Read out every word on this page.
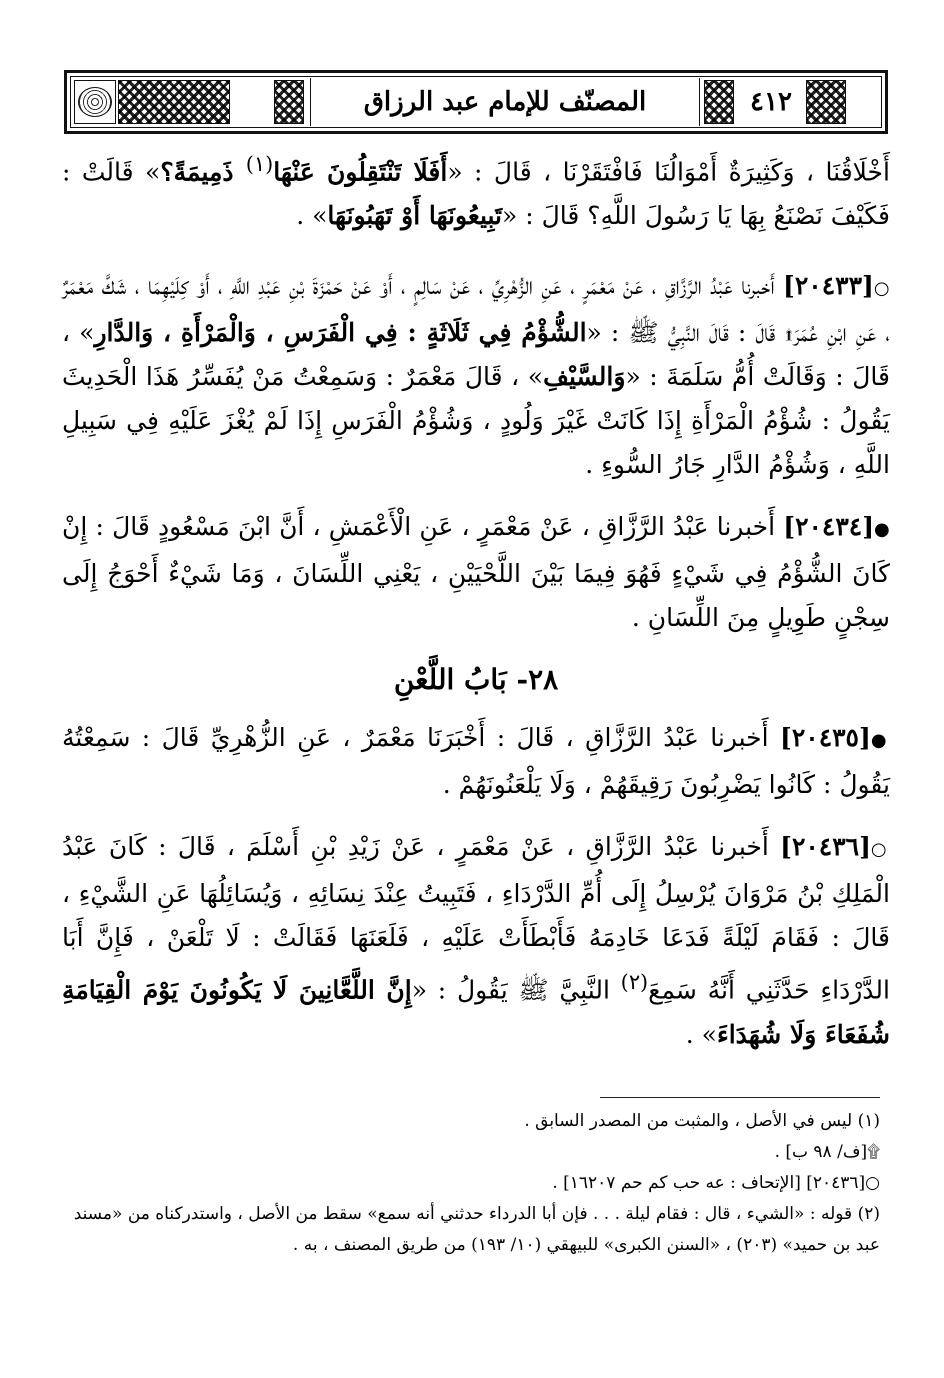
المصنّف للإمام عبد الرزاق	٤١٢

أَخْلَاقُنَا ، وَكَثِيرَةٌ أَمْوَالُنَا فَافْتَقَرْنَا ، قَالَ : «أَفَلَا تَنْتَقِلُونَ عَنْهَا$^{(١)}$ ذَمِيمَةً؟» قَالَتْ : فَكَيْفَ نَصْنَعُ بِهَا يَا رَسُولَ اللَّهِ؟ قَالَ : «تَبِيعُونَهَا أَوْ تَهَبُونَهَا» .

○[٢٠٤٣٣] أَخبرنا عَبْدُ الرَّزَّاقِ ، عَنْ مَعْمَرٍ ، عَنِ الزُّهْرِيِّ ، عَنْ سَالِمٍ ، أَوْ عَنْ حَمْزَةَ بْنِ عَبْدِ اللَّهِ ، أَوْ كِلَيْهِمَا ، شَكَّ مَعْمَرٌ ، عَنِ ابْنِ عُمَرَ۩ قَالَ : قَالَ النَّبِيُّ ﷺ : «الشُّؤْمُ فِي ثَلَاثَةٍ : فِي الْفَرَسِ ، وَالْمَرْأَةِ ، وَالدَّارِ» ، قَالَ : وَقَالَتْ أُمُّ سَلَمَةَ : «وَالسَّيْفِ» ، قَالَ مَعْمَرٌ : وَسَمِعْتُ مَنْ يُفَسِّرُ هَذَا الْحَدِيثَ يَقُولُ : شُؤْمُ الْمَرْأَةِ إِذَا كَانَتْ غَيْرَ وَلُودٍ ، وَشُؤْمُ الْفَرَسِ إِذَا لَمْ يُغْزَ عَلَيْهِ فِي سَبِيلِ اللَّهِ ، وَشُؤْمُ الدَّارِ جَارُ السُّوءِ .

●[٢٠٤٣٤] أَخبرنا عَبْدُ الرَّزَّاقِ ، عَنْ مَعْمَرٍ ، عَنِ الْأَعْمَشِ ، أَنَّ ابْنَ مَسْعُودٍ قَالَ : إِنْ كَانَ الشُّؤْمُ فِي شَيْءٍ فَهُوَ فِيمَا بَيْنَ اللَّحْيَيْنِ ، يَعْنِي اللِّسَانَ ، وَمَا شَيْءٌ أَحْوَجُ إِلَى سِجْنٍ طَوِيلٍ مِنَ اللِّسَانِ .

٢٨- بَابُ اللَّعْنِ

●[٢٠٤٣٥] أَخبرنا عَبْدُ الرَّزَّاقِ ، قَالَ : أَخْبَرَنَا مَعْمَرٌ ، عَنِ الزُّهْرِيِّ قَالَ : سَمِعْتُهُ يَقُولُ : كَانُوا يَضْرِبُونَ رَقِيقَهُمْ ، وَلَا يَلْعَنُونَهُمْ .

○[٢٠٤٣٦] أَخبرنا عَبْدُ الرَّزَّاقِ ، عَنْ مَعْمَرٍ ، عَنْ زَيْدِ بْنِ أَسْلَمَ ، قَالَ : كَانَ عَبْدُ الْمَلِكِ بْنُ مَرْوَانَ يُرْسِلُ إِلَى أُمِّ الدَّرْدَاءِ ، فَتَبِيتُ عِنْدَ نِسَائِهِ ، وَيُسَائِلُهَا عَنِ الشَّيْءِ ، قَالَ : فَقَامَ لَيْلَةً فَدَعَا خَادِمَهُ فَأَبْطَأَتْ عَلَيْهِ ، فَلَعَنَهَا فَقَالَتْ : لَا تَلْعَنْ ، فَإِنَّ أَبَا الدَّرْدَاءِ حَدَّثَنِي أَنَّهُ سَمِعَ$^{(٢)}$ النَّبِيَّ ﷺ يَقُولُ : «إِنَّ اللَّعَّانِينَ لَا يَكُونُونَ يَوْمَ الْقِيَامَةِ شُفَعَاءَ وَلَا شُهَدَاءَ» .

(١) ليس في الأصل ، والمثبت من المصدر السابق .

۩[ف/ ٩٨ ب] .

○[٢٠٤٣٦] [الإتحاف : عه حب كم حم ١٦٢٠٧] .

(٢) قوله : «الشيء ، قال : فقام ليلة . . . فإن أبا الدرداء حدثني أنه سمع» سقط من الأصل ، واستدركناه من «مسند عبد بن حميد» (٢٠٣) ، «السنن الكبرى» للبيهقي (١٠/ ١٩٣) من طريق المصنف ، به .
